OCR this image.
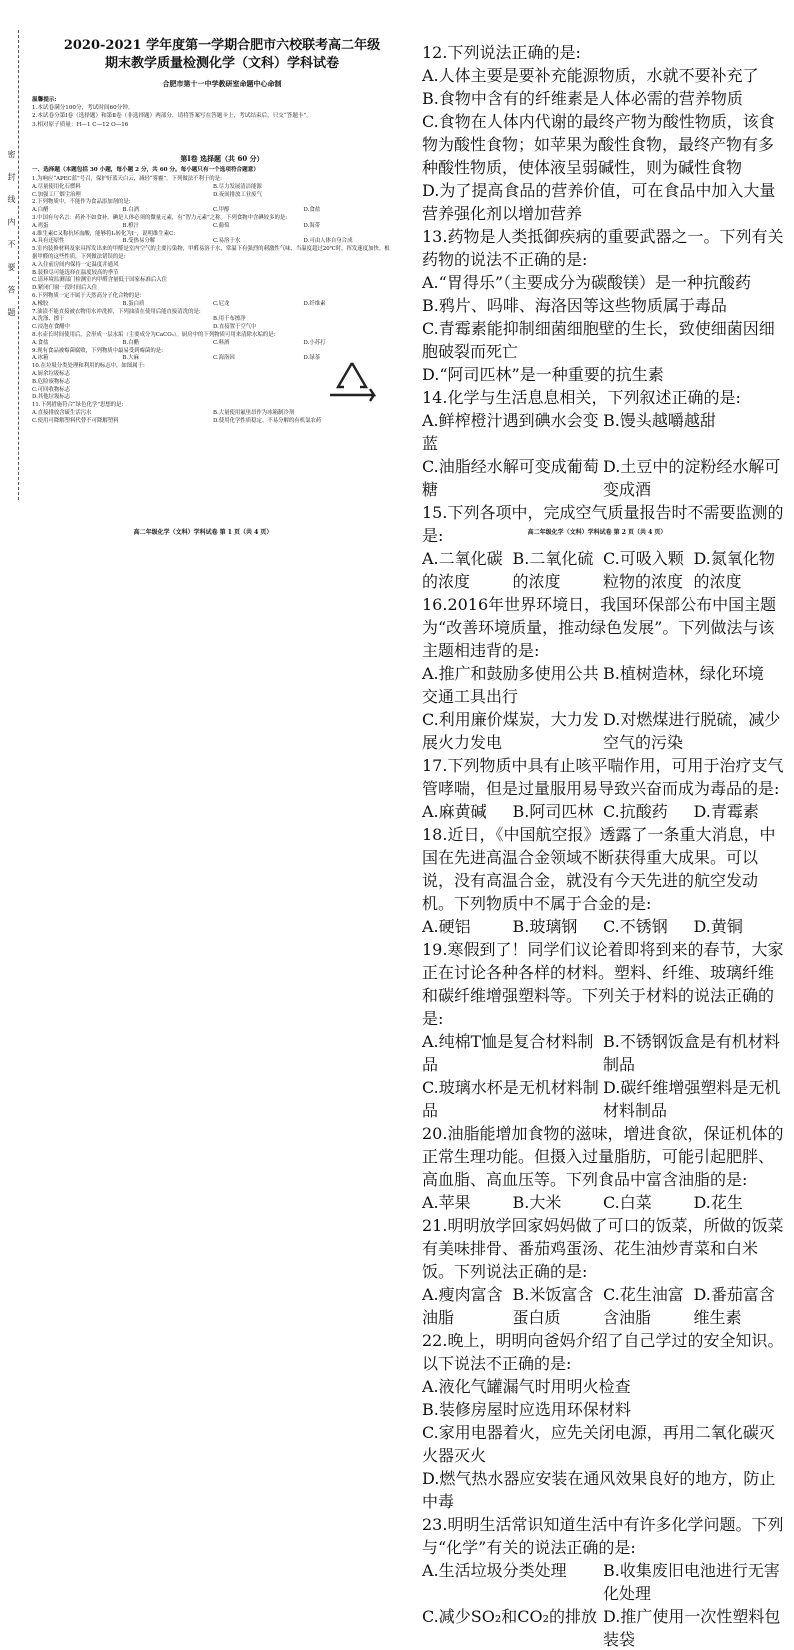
密 封 线 内 不 要 答 题
2020-2021 学年度第一学期合肥市六校联考高二年级
期末教学质量检测化学（文科）学科试卷
合肥市第十一中学教研室命题中心命制
温馨提示:
1.本试卷满分100分，考试时间60分钟。
2.本试卷分第Ⅰ卷（选择题）和第Ⅱ卷（非选择题）两部分，请将答案写在答题卡上，考试结束后，只交“答题卡”。
3.相对原子质量：H—1 C—12 O—16
第Ⅰ卷 选择题（共 60 分）
一、选择题（本题包括 30 小题，每小题 2 分，共 60 分。每小题只有一个选项符合题意）
1.为响应“APEC蓝”号召，保护好蓝天白云，减轻“雾霾”。下列做法不利于的是:
A.尽量使用化石燃料	B.尽力发展清洁能源
C.加强工厂烟尘治理	D.夜间排放工业废气
2.下列物质中，不能作为食品添加剂的是:
A.白醋	B.白酒	C.甲醇	D.食盐
3.中国有句名言：药补不如食补。碘是人体必须的微量元素，有“智力元素”之称。下列食物中含碘较多的是:
A.鸡蛋	B.橙汁	C.葡萄	D.海带
4.维生素C又称抗坏血酸，能够将I₂转化为I⁻，说明维生素C:
A.具有还原性	B.受热易分解	C.易溶于水	D.可由人体自身合成
5.室内装修材料及家具挥发出来的甲醛是室内空气的主要污染物，甲醛易溶于水，常温下有强烈的刺激性气味，当温度超过20℃时，挥发速度加快。根据甲醛的这些性质，下列做法错误的是:
A.入住前房间内保持一定温度并通风
B.装修尽可能选择在温度较高的季节
C.请环境监测部门检测室内甲醛含量低于国家标准后入住
D.紧闭门窗一段时间后入住
6.下列物质一定不属于天然高分子化合物的是:
A.橡胶	B.蛋白质	C.尼龙	D.纤维素
7.油渍不能直接被衣物用水冲洗掉，下列油渍在使用后能直接清洗的是:
A.洗涤、擦干	B.用干布擦净
C.浸泡在食醋中	D.直接置于空气中
8.水壶长时间使用后，会形成一层水垢（主要成分为CaCO₃）。厨房中的下列物质可用来清除水垢的是:
A.食盐	B.白醋	C.料酒	D.小苏打
9.现有食品被霉菌腐败，下列物质中最易受到霉菌的是:
A.冰箱	B.大麻	C.海洛因	D.绿茶
10.在垃圾分类处理和利用的标志中，如图属于:
A.厨余垃圾标志
B.危险废物标志
C.可回收物标志
D.其他垃圾标志
11.下列措施符合“绿色化学”思想的是:
A.直接排放含硫生活污水	B.大量使用氟里昂作为冰箱制冷剂
C.使用可降解塑料代替不可降解塑料	D.使用化学性质稳定、不易分解的有机氯农药
高二年级化学（文科）学科试卷 第 1 页（共 4 页）
12.下列说法正确的是:
A.人体主要是要补充能源物质，水就不要补充了
B.食物中含有的纤维素是人体必需的营养物质
C.食物在人体内代谢的最终产物为酸性物质，该食物为酸性食物；如苹果为酸性食物，最终产物有多种酸性物质，使体液呈弱碱性，则为碱性食物
D.为了提高食品的营养价值，可在食品中加入大量营养强化剂以增加营养
13.药物是人类抵御疾病的重要武器之一。下列有关药物的说法不正确的是:
A.“胃得乐”（主要成分为碳酸镁）是一种抗酸药
B.鸦片、吗啡、海洛因等这些物质属于毒品
C.青霉素能抑制细菌细胞壁的生长，致使细菌因细胞破裂而死亡
D.“阿司匹林”是一种重要的抗生素
14.化学与生活息息相关，下列叙述正确的是:
A.鲜榨橙汁遇到碘水会变蓝
B.馒头越嚼越甜
C.油脂经水解可变成葡萄糖
D.土豆中的淀粉经水解可变成酒
15.下列各项中，完成空气质量报告时不需要监测的是:
A.二氧化碳的浓度
B.二氧化硫的浓度
C.可吸入颗粒物的浓度
D.氮氧化物的浓度
16.2016年世界环境日，我国环保部公布中国主题为“改善环境质量，推动绿色发展”。下列做法与该主题相违背的是:
A.推广和鼓励多使用公共交通工具出行
B.植树造林，绿化环境
C.利用廉价煤炭，大力发展火力发电
D.对燃煤进行脱硫，减少空气的污染
17.下列物质中具有止咳平喘作用，可用于治疗支气管哮喘，但是过量服用易导致兴奋而成为毒品的是:
A.麻黄碱	B.阿司匹林 C.抗酸药	D.青霉素
18.近日，《中国航空报》透露了一条重大消息，中国在先进高温合金领域不断获得重大成果。可以说，没有高温合金，就没有今天先进的航空发动机。下列物质中不属于合金的是:
A.硬铝	B.玻璃钢	C.不锈钢	D.黄铜
19.寒假到了！同学们议论着即将到来的春节，大家正在讨论各种各样的材料。塑料、纤维、玻璃纤维和碳纤维增强塑料等。下列关于材料的说法正确的是:
A.纯棉T恤是复合材料制品
B.不锈钢饭盒是有机材料制品
C.玻璃水杯是无机材料制品
D.碳纤维增强塑料是无机材料制品
20.油脂能增加食物的滋味，增进食欲，保证机体的正常生理功能。但摄入过量脂肪，可能引起肥胖、高血脂、高血压等。下列食品中富含油脂的是:
A.苹果	B.大米	C.白菜	D.花生
21.明明放学回家妈妈做了可口的饭菜，所做的饭菜有美味排骨、番茄鸡蛋汤、花生油炒青菜和白米饭。下列说法正确的是:
A.瘦肉富含油脂
B.米饭富含蛋白质
C.花生油富含油脂
D.番茄富含维生素
22.晚上，明明向爸妈介绍了自己学过的安全知识。以下说法不正确的是:
A.液化气罐漏气时用明火检查
B.装修房屋时应选用环保材料
C.家用电器着火，应先关闭电源，再用二氧化碳灭火器灭火
D.燃气热水器应安装在通风效果良好的地方，防止中毒
23.明明生活常识知道生活中有许多化学问题。下列与“化学”有关的说法正确的是:
A.生活垃圾分类处理	B.收集废旧电池进行无害化处理
C.减少SO₂和CO₂的排放 D.推广使用一次性塑料包装袋
高二年级化学（文科）学科试卷 第 2 页（共 4 页）
